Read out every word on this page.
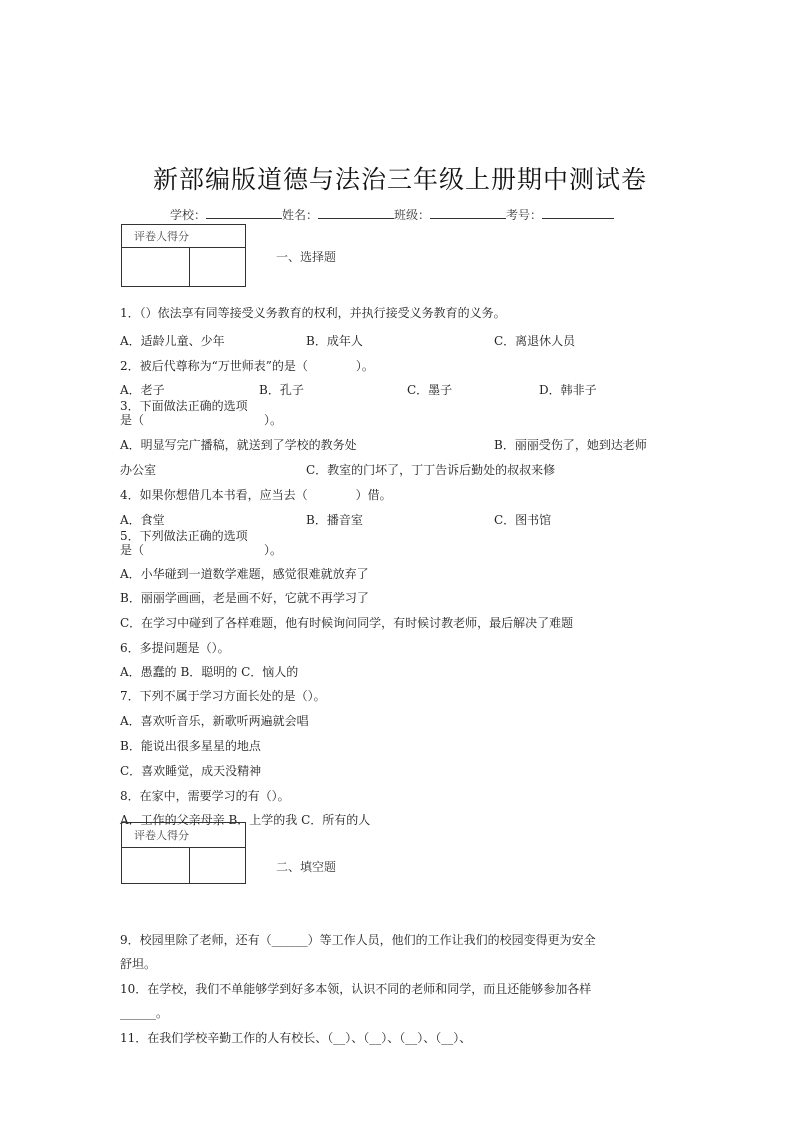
新部编版道德与法治三年级上册期中测试卷
学校：	姓名：	班级：	考号：
评卷人得分

一、选择题
1．（）依法享有同等接受义务教育的权利，并执行接受义务教育的义务。
A．适龄儿童、少年	B．成年人	C．离退休人员
2．被后代尊称为“万世师表”的是（　　　　）。
A．老子	B．孔子	C．墨子	D．韩非子
3．下面做法正确的选项
是（　　　　　　　　　　）。
A．明显写完广播稿，就送到了学校的教务处	B．丽丽受伤了，她到达老师
办公室	C．教室的门坏了，丁丁告诉后勤处的叔叔来修
4．如果你想借几本书看，应当去（　　　　）借。
A．食堂	B．播音室	C．图书馆
5．下列做法正确的选项
是（　　　　　　　　　　）。
A．小华碰到一道数学难题，感觉很难就放弃了
B．丽丽学画画，老是画不好，它就不再学习了
C．在学习中碰到了各样难题，他有时候询问同学，有时候讨教老师，最后解决了难题
6．多提问题是（）。
A．愚蠢的 B．聪明的 C．恼人的
7．下列不属于学习方面长处的是（）。
A．喜欢听音乐，新歌听两遍就会唱
B．能说出很多星星的地点
C．喜欢睡觉，成天没精神
8．在家中，需要学习的有（）。
A．工作的父亲母亲 B．上学的我 C．所有的人
评卷人得分

二、填空题
9．校园里除了老师，还有（______）等工作人员，他们的工作让我们的校园变得更为安全
舒坦。
10．在学校，我们不单能够学到好多本领，认识不同的老师和同学，而且还能够参加各样
______。
11．在我们学校辛勤工作的人有校长、（__）、（__）、（__）、（__）、
